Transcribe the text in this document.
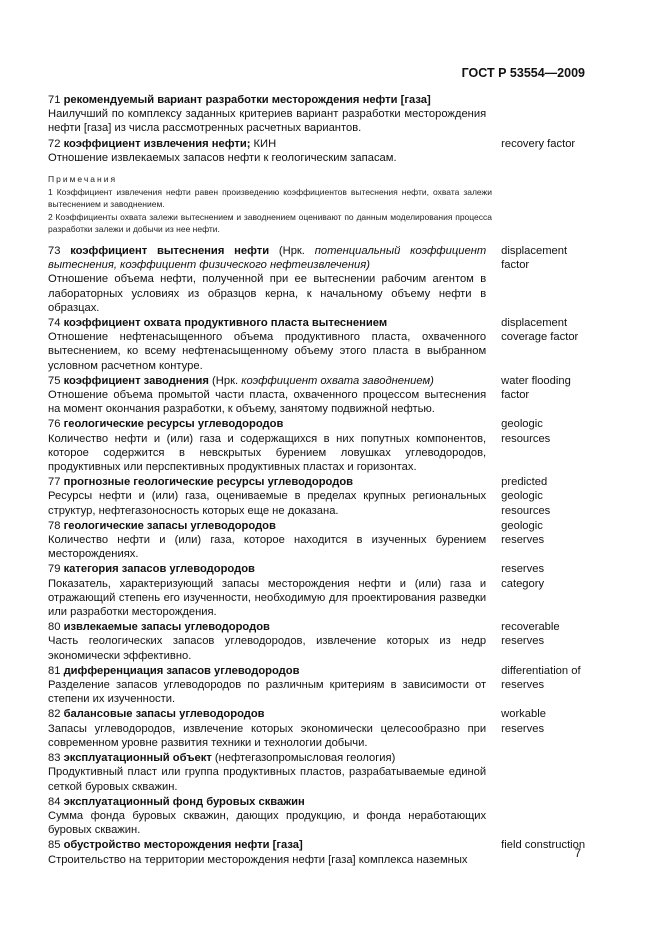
ГОСТ Р 53554—2009
71 рекомендуемый вариант разработки месторождения нефти [газа]
Наилучший по комплексу заданных критериев вариант разработки месторождения нефти [газа] из числа рассмотренных расчетных вариантов.
72 коэффициент извлечения нефти; КИН
Отношение извлекаемых запасов нефти к геологическим запасам.
recovery factor
Примечания
1 Коэффициент извлечения нефти равен произведению коэффициентов вытеснения нефти, охвата залежи вытеснением и заводнением.
2 Коэффициенты охвата залежи вытеснением и заводнением оценивают по данным моделирования процесса разработки залежи и добычи из нее нефти.
73 коэффициент вытеснения нефти (Нрк. потенциальный коэффициент вытеснения, коэффициент физического нефтеизвлечения)
Отношение объема нефти, полученной при ее вытеснении рабочим агентом в лабораторных условиях из образцов керна, к начальному объему нефти в образцах.
displacement factor
74 коэффициент охвата продуктивного пласта вытеснением
Отношение нефтенасыщенного объема продуктивного пласта, охваченного вытеснением, ко всему нефтенасыщенному объему этого пласта в выбранном условном расчетном контуре.
displacement coverage factor
75 коэффициент заводнения (Нрк. коэффициент охвата заводнением)
Отношение объема промытой части пласта, охваченного процессом вытеснения на момент окончания разработки, к объему, занятому подвижной нефтью.
water flooding factor
76 геологические ресурсы углеводородов
Количество нефти и (или) газа и содержащихся в них попутных компонентов, которое содержится в невскрытых бурением ловушках углеводородов, продуктивных или перспективных продуктивных пластах и горизонтах.
geologic resources
77 прогнозные геологические ресурсы углеводородов
Ресурсы нефти и (или) газа, оцениваемые в пределах крупных региональных структур, нефтегазоносность которых еще не доказана.
predicted geologic resources
78 геологические запасы углеводородов
Количество нефти и (или) газа, которое находится в изученных бурением месторождениях.
geologic reserves
79 категория запасов углеводородов
Показатель, характеризующий запасы месторождения нефти и (или) газа и отражающий степень его изученности, необходимую для проектирования разведки или разработки месторождения.
reserves category
80 извлекаемые запасы углеводородов
Часть геологических запасов углеводородов, извлечение которых из недр экономически эффективно.
recoverable reserves
81 дифференциация запасов углеводородов
Разделение запасов углеводородов по различным критериям в зависимости от степени их изученности.
differentiation of reserves
82 балансовые запасы углеводородов
Запасы углеводородов, извлечение которых экономически целесообразно при современном уровне развития техники и технологии добычи.
workable reserves
83 эксплуатационный объект (нефтегазопромысловая геология)
Продуктивный пласт или группа продуктивных пластов, разрабатываемые единой сеткой буровых скважин.
84 эксплуатационный фонд буровых скважин
Сумма фонда буровых скважин, дающих продукцию, и фонда неработающих буровых скважин.
85 обустройство месторождения нефти [газа]
Строительство на территории месторождения нефти [газа] комплекса наземных
field construction
7
